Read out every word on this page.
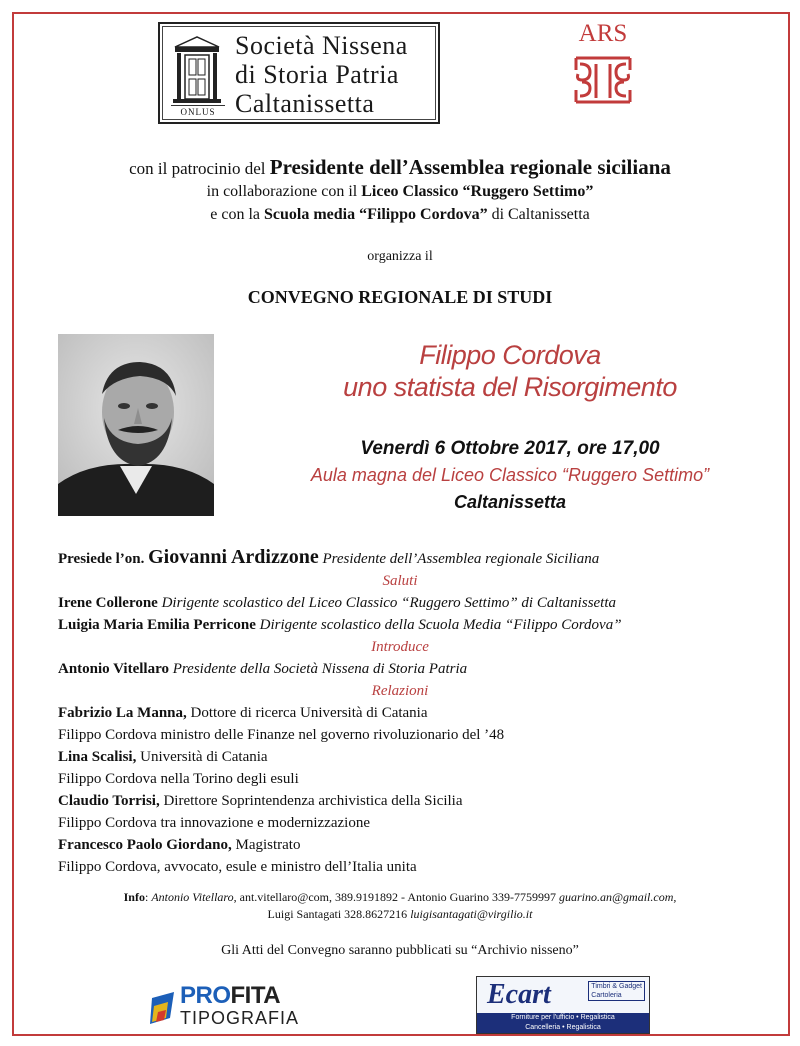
ONLUS
Società Nissena
di Storia Patria
Caltanissetta
ARS
con il patrocinio del Presidente dell’Assemblea regionale siciliana
in collaborazione con il Liceo Classico “Ruggero Settimo”
e con la Scuola media “Filippo Cordova” di Caltanissetta
organizza il
CONVEGNO REGIONALE DI STUDI
Filippo Cordova
uno statista del Risorgimento
Venerdì 6 Ottobre 2017, ore 17,00
Aula magna del Liceo Classico “Ruggero Settimo”
Caltanissetta
Presiede l’on. Giovanni Ardizzone Presidente dell’Assemblea regionale Siciliana
Saluti
Irene Collerone Dirigente scolastico del Liceo Classico “Ruggero Settimo” di Caltanissetta
Luigia Maria Emilia Perricone Dirigente scolastico della Scuola Media “Filippo Cordova”
Introduce
Antonio Vitellaro Presidente della Società Nissena di Storia Patria
Relazioni
Fabrizio La Manna, Dottore di ricerca Università di Catania
Filippo Cordova ministro delle Finanze nel governo rivoluzionario del ’48
Lina Scalisi, Università di Catania
Filippo Cordova nella Torino degli esuli
Claudio Torrisi, Direttore Soprintendenza archivistica della Sicilia
Filippo Cordova tra innovazione e modernizzazione
Francesco Paolo Giordano, Magistrato
Filippo Cordova, avvocato, esule e ministro dell’Italia unita
Info: Antonio Vitellaro, ant.vitellaro@com, 389.9191892 - Antonio Guarino 339-7759997 guarino.an@gmail.com,
Luigi Santagati 328.8627216 luigisantagati@virgilio.it
Gli Atti del Convegno saranno pubblicati su “Archivio nisseno”
PROFITA
TIPOGRAFIA
Ecart	Timbri & Gadget
Cartoleria
Forniture per l'ufficio • Regalistica
Cancelleria • Regalistica
